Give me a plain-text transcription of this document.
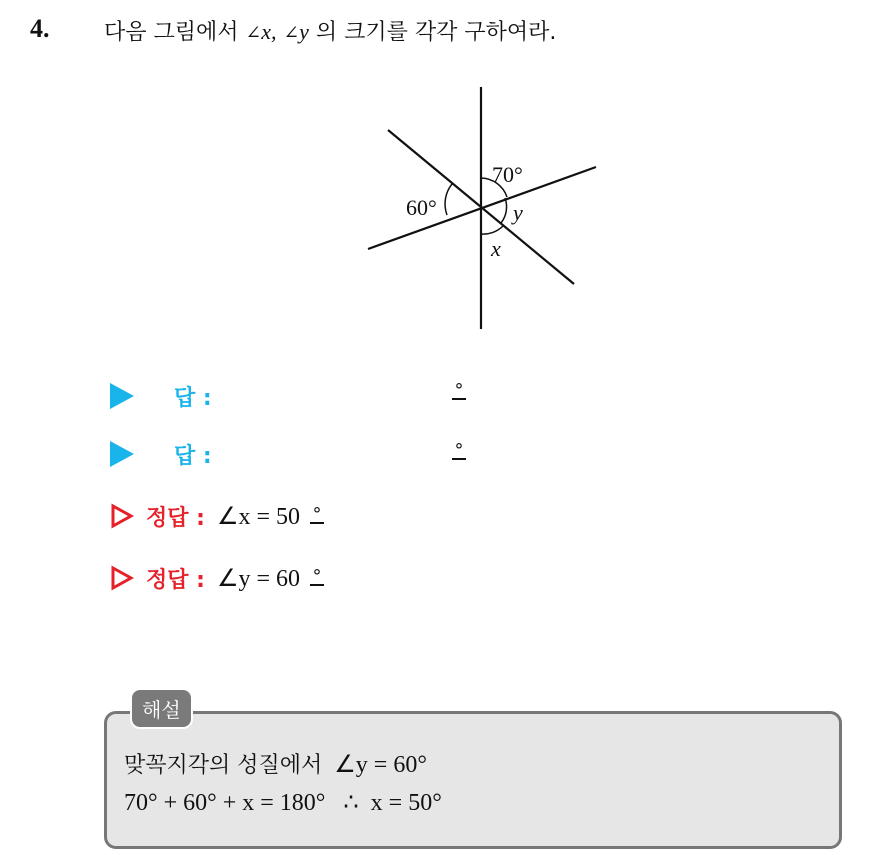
4. 다음 그림에서 ∠x, ∠y 의 크기를 각각 구하여라.
70°
60°	y
x
답 :	°
답 :	°
정답 : ∠x = 50 °
정답 : ∠y = 60 °
해설
맞꼭지각의 성질에서 ∠y = 60°
70° + 60° + x = 180°   ∴  x = 50°
